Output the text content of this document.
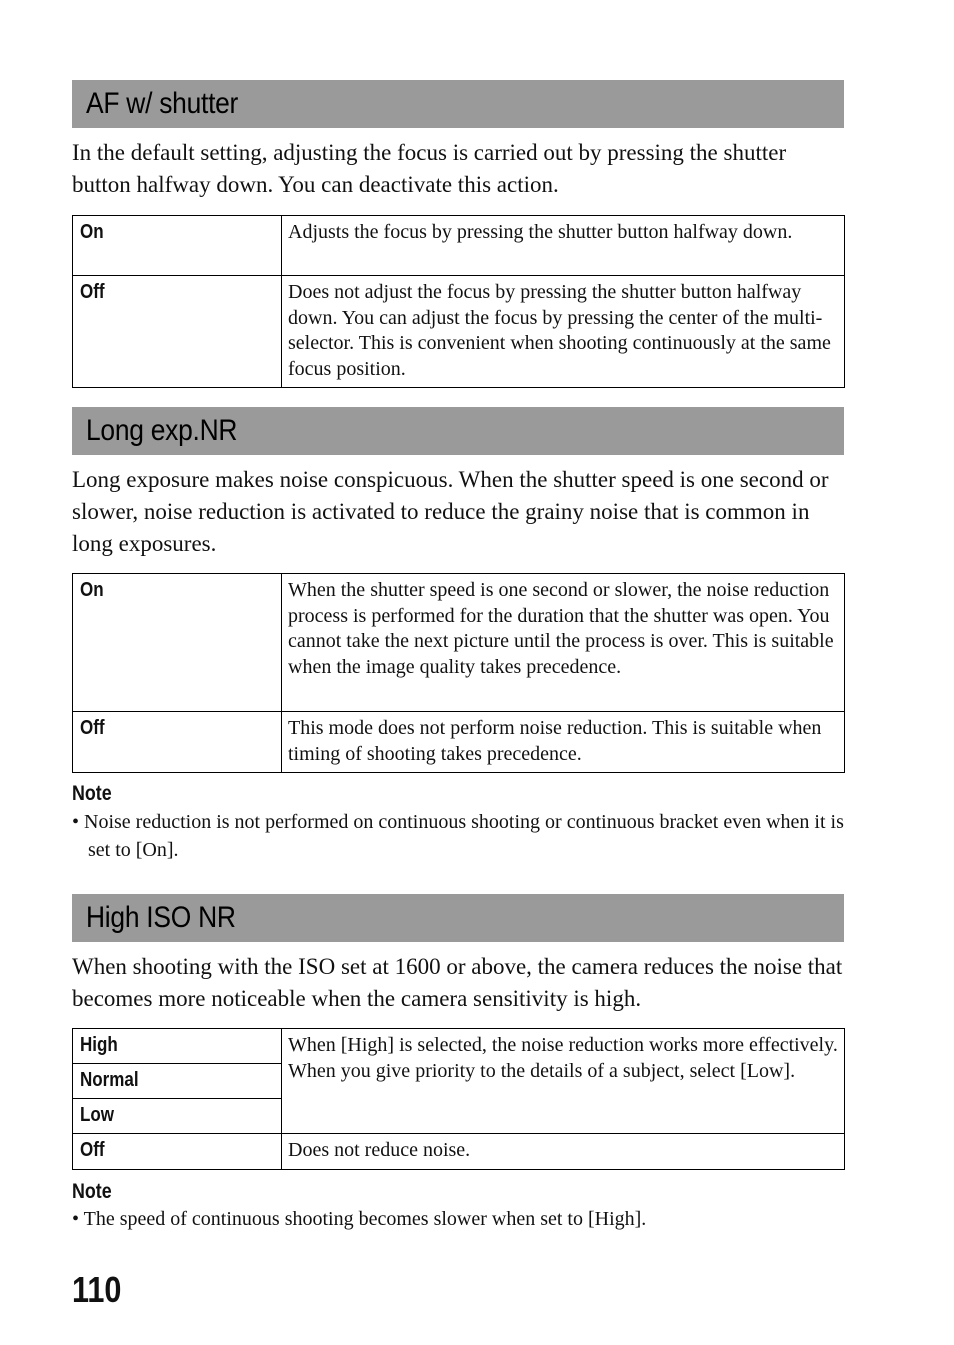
AF w/ shutter

In the default setting, adjusting the focus is carried out by pressing the shutter button halfway down. You can deactivate this action.

On	Adjusts the focus by pressing the shutter button halfway down.
Off	Does not adjust the focus by pressing the shutter button halfway down. You can adjust the focus by pressing the center of the multi-selector. This is convenient when shooting continuously at the same focus position.
Long exp.NR

Long exposure makes noise conspicuous. When the shutter speed is one second or slower, noise reduction is activated to reduce the grainy noise that is common in long exposures.

On	When the shutter speed is one second or slower, the noise reduction process is performed for the duration that the shutter was open. You cannot take the next picture until the process is over. This is suitable when the image quality takes precedence.
Off	This mode does not perform noise reduction. This is suitable when timing of shooting takes precedence.
Note
• Noise reduction is not performed on continuous shooting or continuous bracket even when it is set to [On].
High ISO NR

When shooting with the ISO set at 1600 or above, the camera reduces the noise that becomes more noticeable when the camera sensitivity is high.

High	When [High] is selected, the noise reduction works more effectively. When you give priority to the details of a subject, select [Low].
Normal	
Low	
Off	Does not reduce noise.
Note
• The speed of continuous shooting becomes slower when set to [High].
110
